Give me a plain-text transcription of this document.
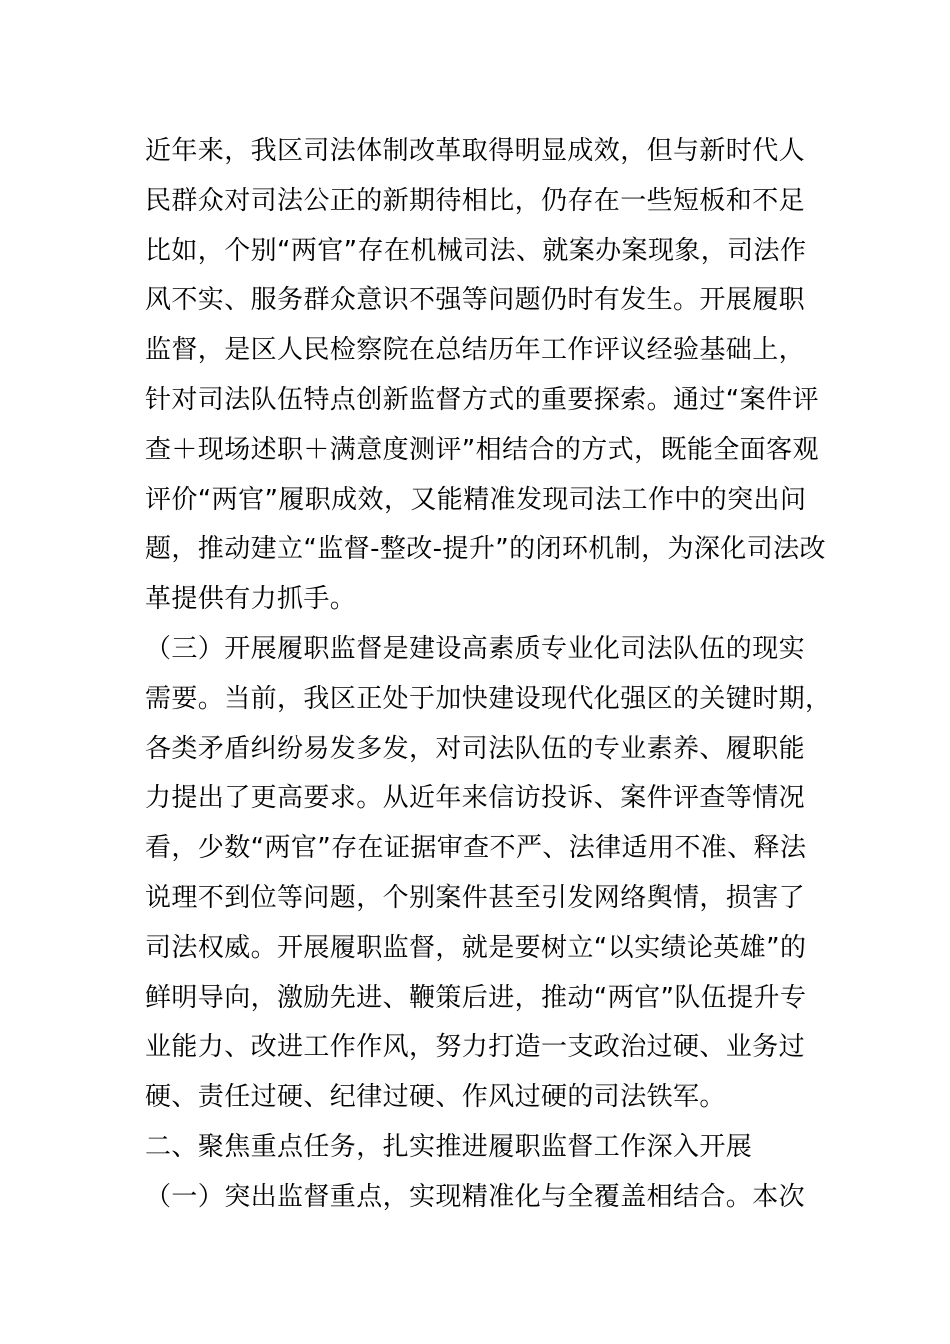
近年来，我区司法体制改革取得明显成效，但与新时代人
民群众对司法公正的新期待相比，仍存在一些短板和不足
比如，个别“两官”存在机械司法、就案办案现象，司法作
风不实、服务群众意识不强等问题仍时有发生。开展履职
监督，是区人民检察院在总结历年工作评议经验基础上，
针对司法队伍特点创新监督方式的重要探索。通过“案件评
查＋现场述职＋满意度测评”相结合的方式，既能全面客观
评价“两官”履职成效，又能精准发现司法工作中的突出问
题，推动建立“监督-整改-提升”的闭环机制，为深化司法改
革提供有力抓手。
（三）开展履职监督是建设高素质专业化司法队伍的现实
需要。当前，我区正处于加快建设现代化强区的关键时期，
各类矛盾纠纷易发多发，对司法队伍的专业素养、履职能
力提出了更高要求。从近年来信访投诉、案件评查等情况
看，少数“两官”存在证据审查不严、法律适用不准、释法
说理不到位等问题，个别案件甚至引发网络舆情，损害了
司法权威。开展履职监督，就是要树立“以实绩论英雄”的
鲜明导向，激励先进、鞭策后进，推动“两官”队伍提升专
业能力、改进工作作风，努力打造一支政治过硬、业务过
硬、责任过硬、纪律过硬、作风过硬的司法铁军。
二、聚焦重点任务，扎实推进履职监督工作深入开展
（一）突出监督重点，实现精准化与全覆盖相结合。本次
